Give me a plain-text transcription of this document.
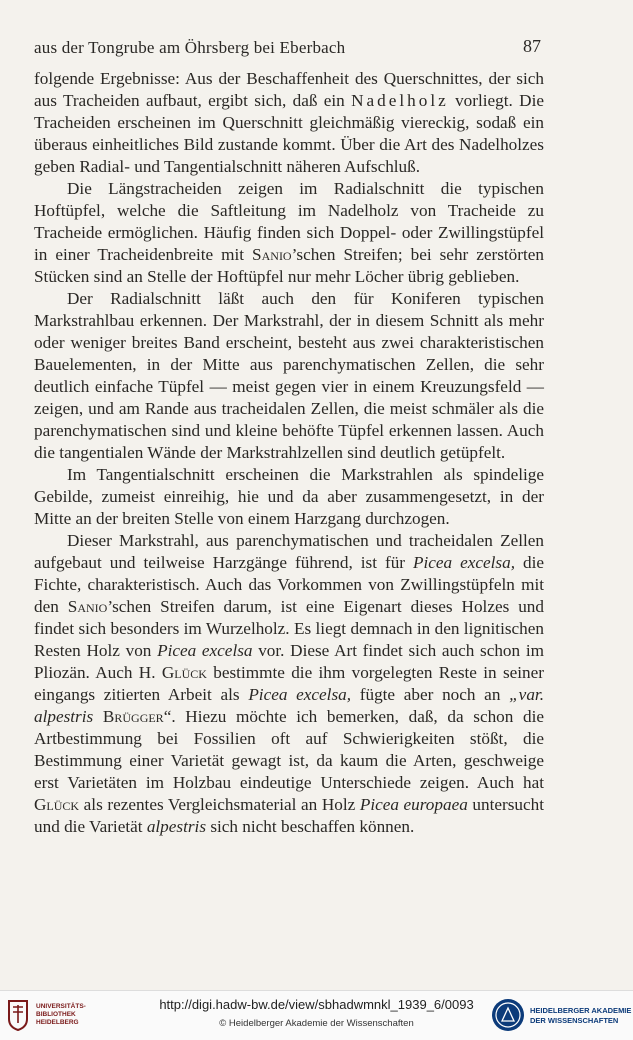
aus der Tongrube am Öhrsberg bei Eberbach	87

folgende Ergebnisse: Aus der Beschaffenheit des Querschnittes, der sich aus Tracheiden aufbaut, ergibt sich, daß ein Nadelholz vorliegt. Die Tracheiden erscheinen im Querschnitt gleichmäßig viereckig, sodaß ein überaus einheitliches Bild zustande kommt. Über die Art des Nadelholzes geben Radial- und Tangentialschnitt näheren Aufschluß.

Die Längstracheiden zeigen im Radialschnitt die typischen Hoftüpfel, welche die Saftleitung im Nadelholz von Tracheide zu Tracheide ermöglichen. Häufig finden sich Doppel- oder Zwillingstüpfel in einer Tracheidenbreite mit Sanio’schen Streifen; bei sehr zerstörten Stücken sind an Stelle der Hoftüpfel nur mehr Löcher übrig geblieben.

Der Radialschnitt läßt auch den für Koniferen typischen Markstrahlbau erkennen. Der Markstrahl, der in diesem Schnitt als mehr oder weniger breites Band erscheint, besteht aus zwei charakteristischen Bauelementen, in der Mitte aus parenchymatischen Zellen, die sehr deutlich einfache Tüpfel — meist gegen vier in einem Kreuzungsfeld — zeigen, und am Rande aus tracheidalen Zellen, die meist schmäler als die parenchymatischen sind und kleine behöfte Tüpfel erkennen lassen. Auch die tangentialen Wände der Markstrahlzellen sind deutlich getüpfelt.

Im Tangentialschnitt erscheinen die Markstrahlen als spindelige Gebilde, zumeist einreihig, hie und da aber zusammengesetzt, in der Mitte an der breiten Stelle von einem Harzgang durchzogen.

Dieser Markstrahl, aus parenchymatischen und tracheidalen Zellen aufgebaut und teilweise Harzgänge führend, ist für Picea excelsa, die Fichte, charakteristisch. Auch das Vorkommen von Zwillingstüpfeln mit den Sanio’schen Streifen darum, ist eine Eigenart dieses Holzes und findet sich besonders im Wurzelholz. Es liegt demnach in den lignitischen Resten Holz von Picea excelsa vor. Diese Art findet sich auch schon im Pliozän. Auch H. Glück bestimmte die ihm vorgelegten Reste in seiner eingangs zitierten Arbeit als Picea excelsa, fügte aber noch an „var. alpestris Brügger“. Hiezu möchte ich bemerken, daß, da schon die Artbestimmung bei Fossilien oft auf Schwierigkeiten stößt, die Bestimmung einer Varietät gewagt ist, da kaum die Arten, geschweige erst Varietäten im Holzbau eindeutige Unterschiede zeigen. Auch hat Glück als rezentes Vergleichsmaterial an Holz Picea europaea untersucht und die Varietät alpestris sich nicht beschaffen können.

UNIVERSITÄTS-
BIBLIOTHEK
HEIDELBERG
http://digi.hadw-bw.de/view/sbhadwmnkl_1939_6/0093
© Heidelberger Akademie der Wissenschaften
HEIDELBERGER AKADEMIE
DER WISSENSCHAFTEN
